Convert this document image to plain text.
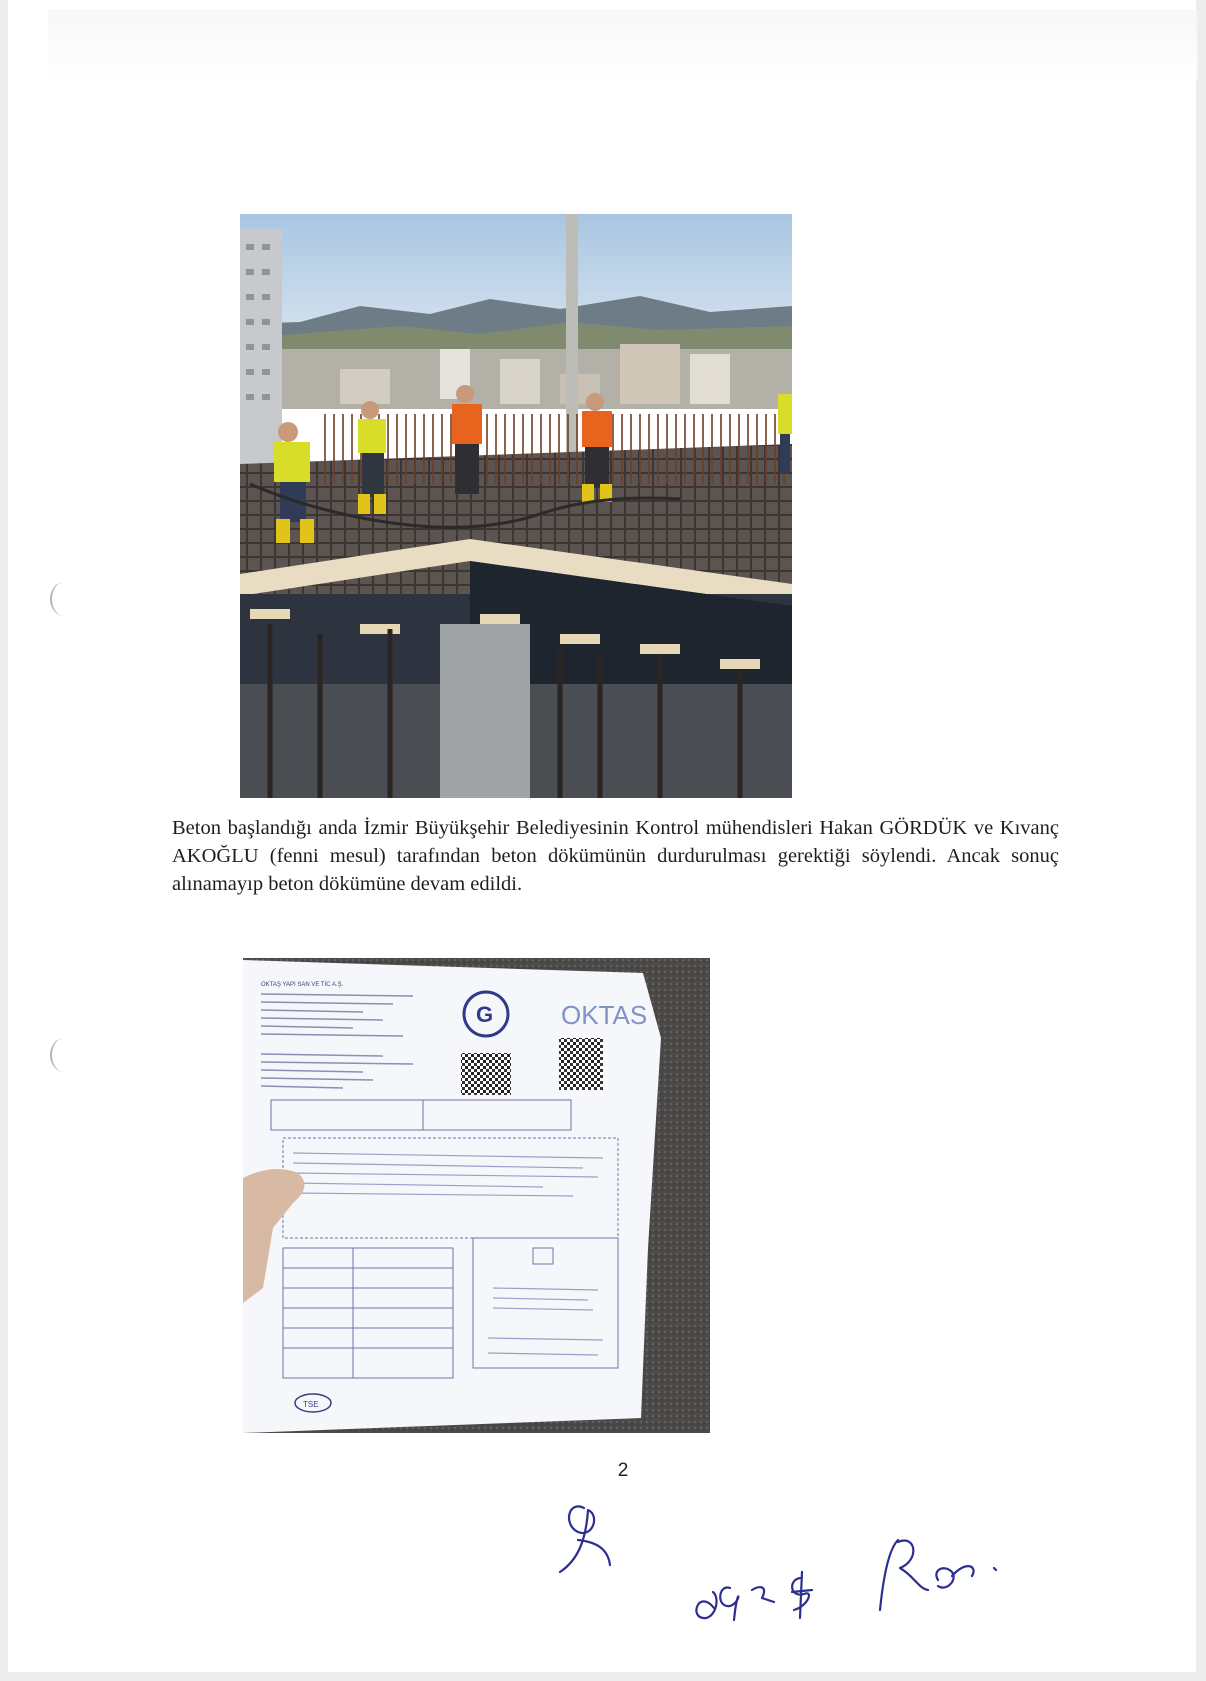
Beton başlandığı anda İzmir Büyükşehir Belediyesinin Kontrol mühendisleri Hakan GÖRDÜK ve Kıvanç AKOĞLU (fenni mesul) tarafından beton dökümünün durdurulması gerektiği söylendi. Ancak sonuç alınamayıp beton dökümüne devam edildi.

OKTAŞ YAPI SAN VE TİC A.Ş.
G	OKTAS
TSE
2
